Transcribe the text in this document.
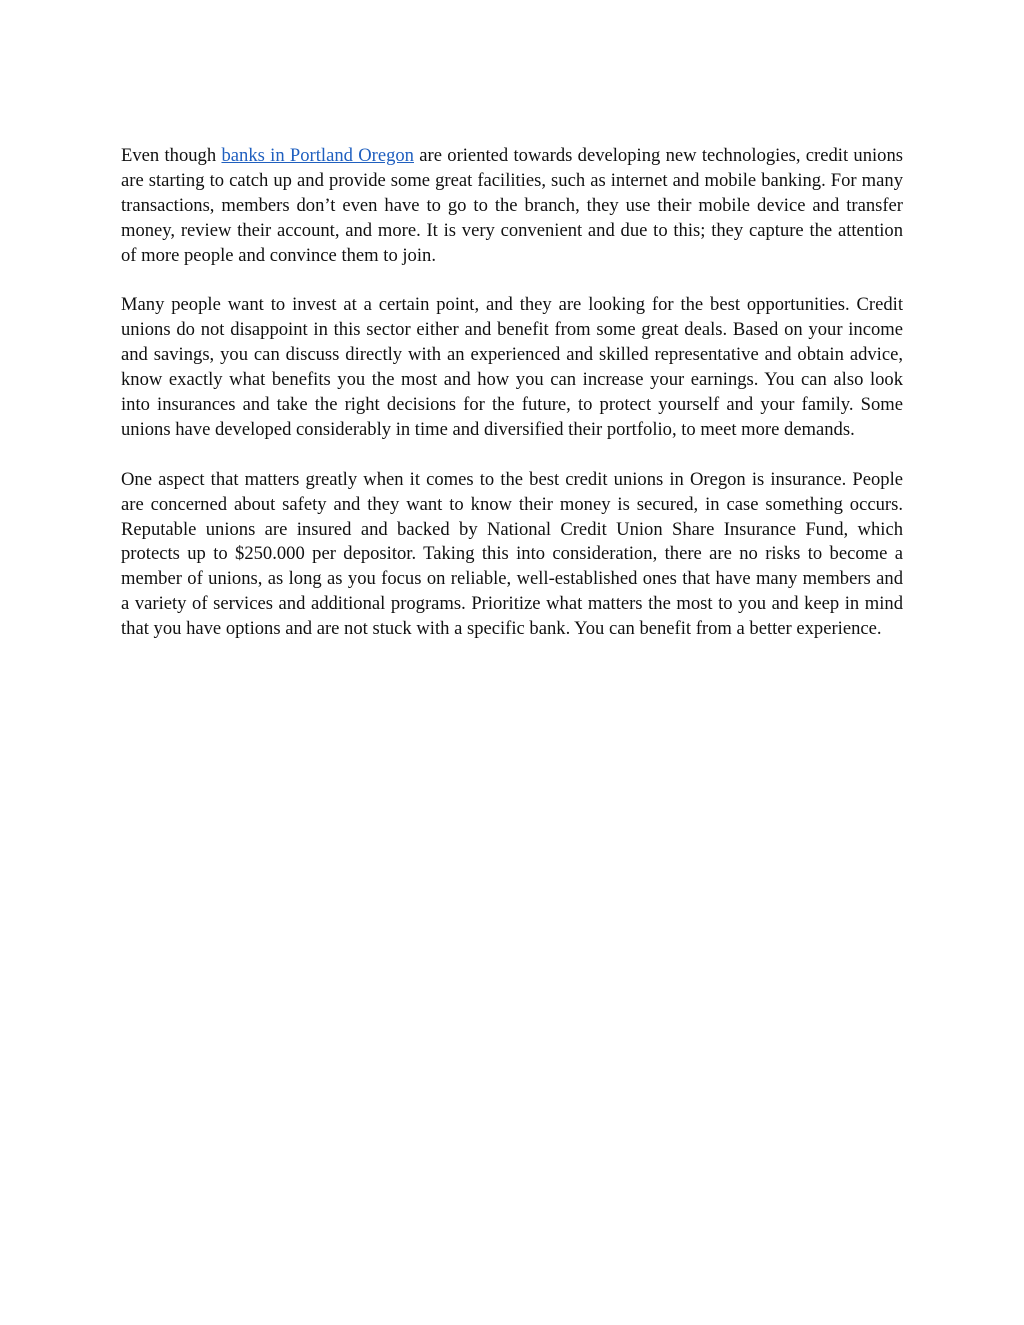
Even though banks in Portland Oregon are oriented towards developing new technologies, credit unions are starting to catch up and provide some great facilities, such as internet and mobile banking. For many transactions, members don’t even have to go to the branch, they use their mobile device and transfer money, review their account, and more. It is very convenient and due to this; they capture the attention of more people and convince them to join.

Many people want to invest at a certain point, and they are looking for the best opportunities. Credit unions do not disappoint in this sector either and benefit from some great deals. Based on your income and savings, you can discuss directly with an experienced and skilled representative and obtain advice, know exactly what benefits you the most and how you can increase your earnings. You can also look into insurances and take the right decisions for the future, to protect yourself and your family. Some unions have developed considerably in time and diversified their portfolio, to meet more demands.

One aspect that matters greatly when it comes to the best credit unions in Oregon is insurance. People are concerned about safety and they want to know their money is secured, in case something occurs. Reputable unions are insured and backed by National Credit Union Share Insurance Fund, which protects up to $250.000 per depositor. Taking this into consideration, there are no risks to become a member of unions, as long as you focus on reliable, well-established ones that have many members and a variety of services and additional programs. Prioritize what matters the most to you and keep in mind that you have options and are not stuck with a specific bank. You can benefit from a better experience.
